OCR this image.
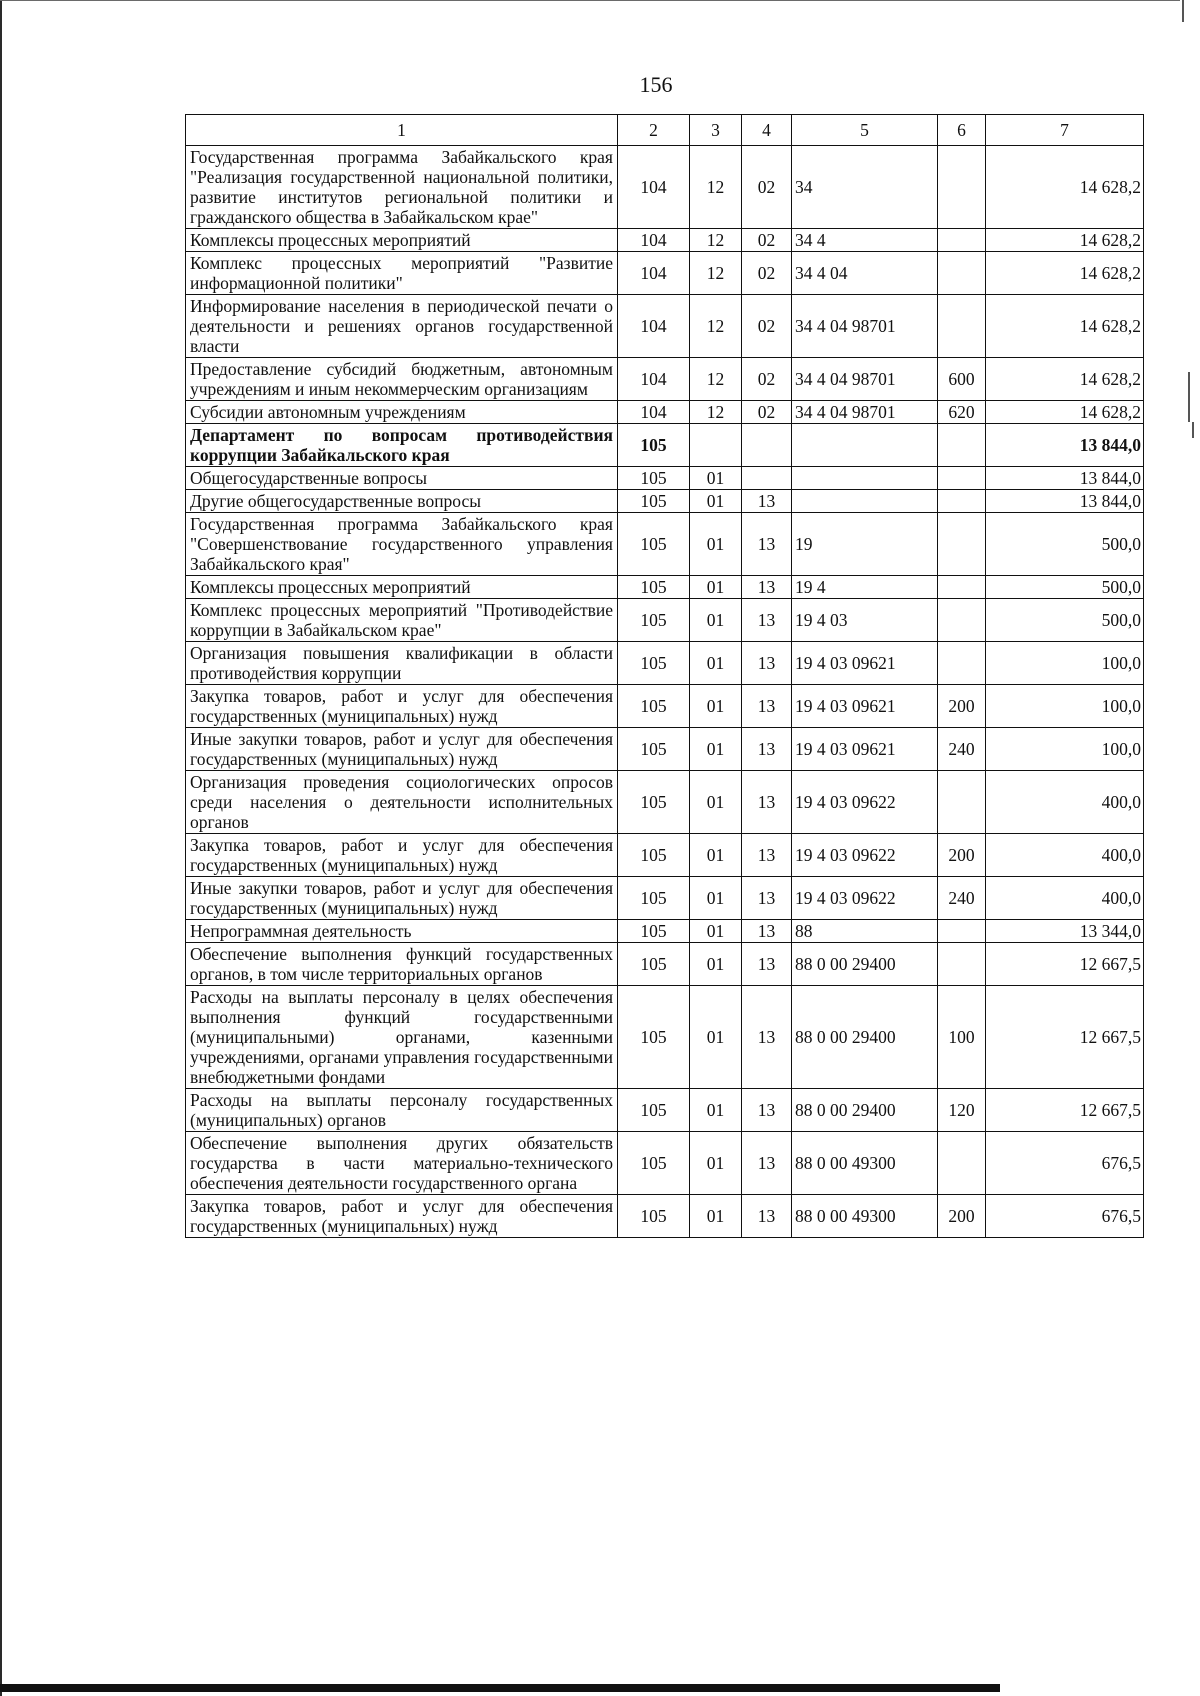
156
1	2	3	4	5	6	7
Государственная программа Забайкальского края "Реализация государственной национальной политики, развитие институтов региональной политики и гражданского общества в Забайкальском крае"	104	12	02	34		14 628,2
Комплексы процессных мероприятий	104	12	02	34 4		14 628,2
Комплекс процессных мероприятий "Развитие информационной политики"	104	12	02	34 4 04		14 628,2
Информирование населения в периодической печати о деятельности и решениях органов государственной власти	104	12	02	34 4 04 98701		14 628,2
Предоставление субсидий бюджетным, автономным учреждениям и иным некоммерческим организациям	104	12	02	34 4 04 98701	600	14 628,2
Субсидии автономным учреждениям	104	12	02	34 4 04 98701	620	14 628,2
Департамент по вопросам противодействия коррупции Забайкальского края	105					13 844,0
Общегосударственные вопросы	105	01				13 844,0
Другие общегосударственные вопросы	105	01	13			13 844,0
Государственная программа Забайкальского края "Совершенствование государственного управления Забайкальского края"	105	01	13	19		500,0
Комплексы процессных мероприятий	105	01	13	19 4		500,0
Комплекс процессных мероприятий "Противодействие коррупции в Забайкальском крае"	105	01	13	19 4 03		500,0
Организация повышения квалификации в области противодействия коррупции	105	01	13	19 4 03 09621		100,0
Закупка товаров, работ и услуг для обеспечения государственных (муниципальных) нужд	105	01	13	19 4 03 09621	200	100,0
Иные закупки товаров, работ и услуг для обеспечения государственных (муниципальных) нужд	105	01	13	19 4 03 09621	240	100,0
Организация проведения социологических опросов среди населения о деятельности исполнительных органов	105	01	13	19 4 03 09622		400,0
Закупка товаров, работ и услуг для обеспечения государственных (муниципальных) нужд	105	01	13	19 4 03 09622	200	400,0
Иные закупки товаров, работ и услуг для обеспечения государственных (муниципальных) нужд	105	01	13	19 4 03 09622	240	400,0
Непрограммная деятельность	105	01	13	88		13 344,0
Обеспечение выполнения функций государственных органов, в том числе территориальных органов	105	01	13	88 0 00 29400		12 667,5
Расходы на выплаты персоналу в целях обеспечения выполнения функций государственными (муниципальными) органами, казенными учреждениями, органами управления государственными внебюджетными фондами	105	01	13	88 0 00 29400	100	12 667,5
Расходы на выплаты персоналу государственных (муниципальных) органов	105	01	13	88 0 00 29400	120	12 667,5
Обеспечение выполнения других обязательств государства в части материально-технического обеспечения деятельности государственного органа	105	01	13	88 0 00 49300		676,5
Закупка товаров, работ и услуг для обеспечения государственных (муниципальных) нужд	105	01	13	88 0 00 49300	200	676,5
